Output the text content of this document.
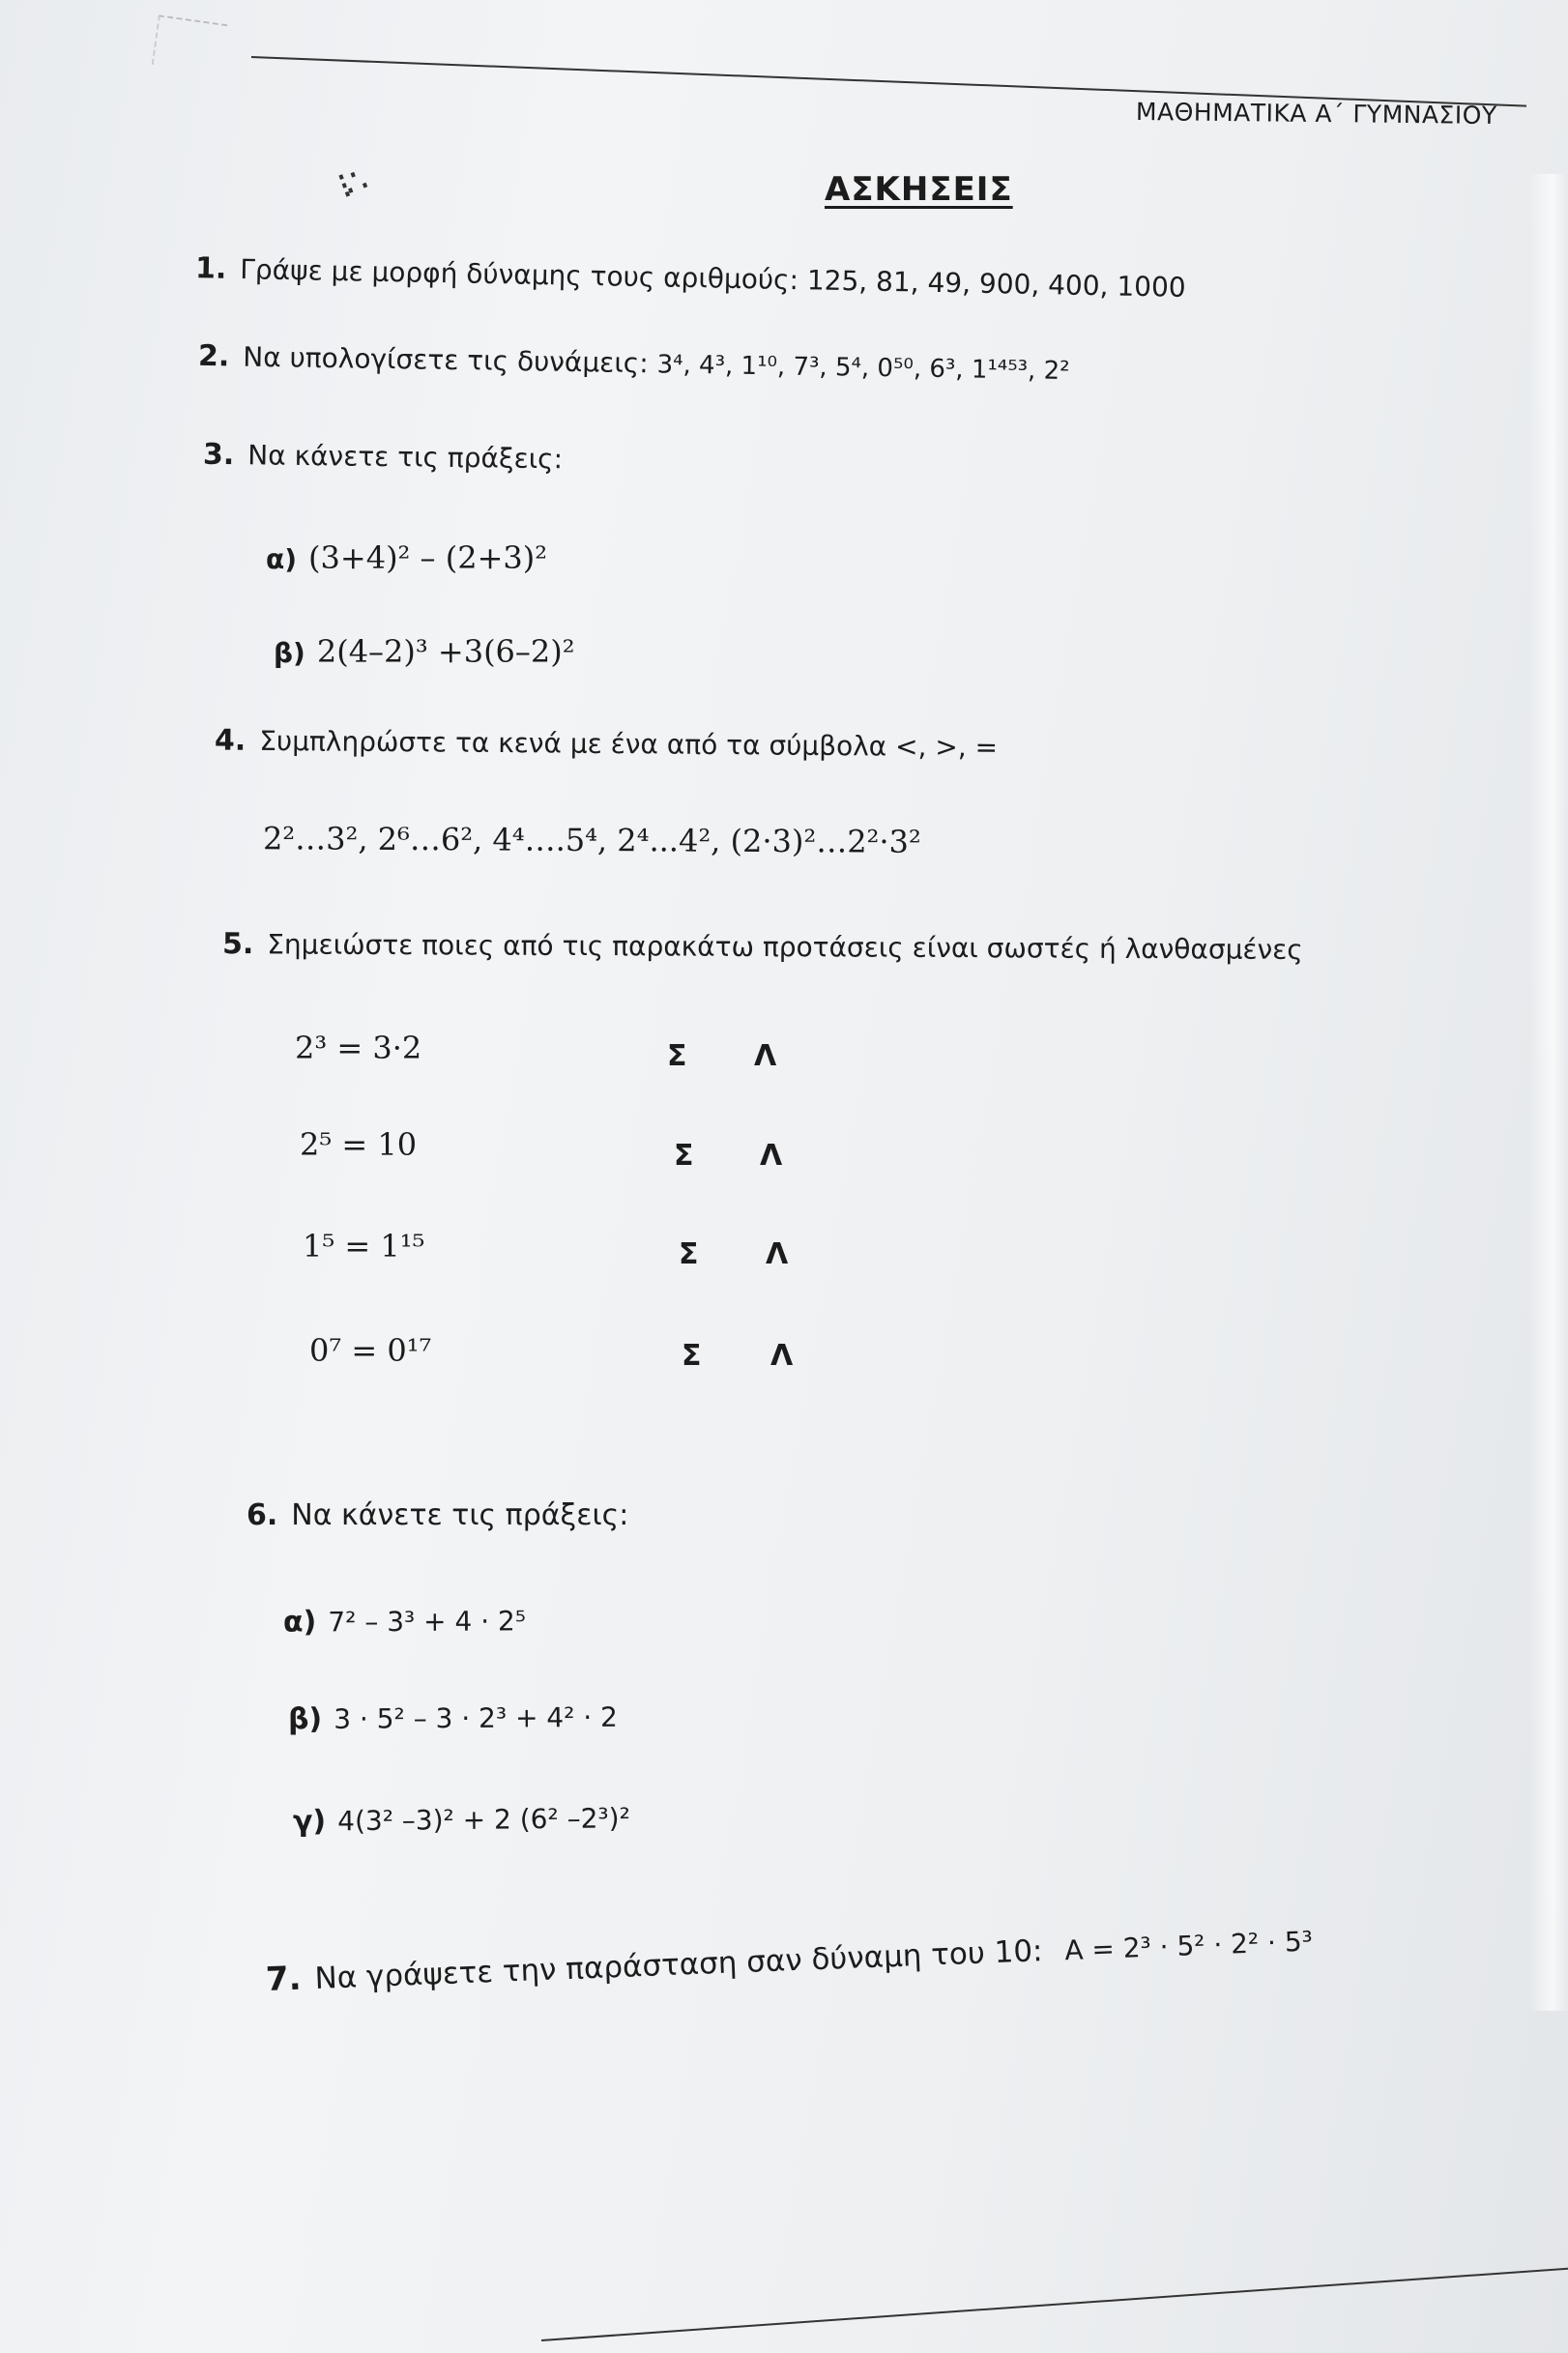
⁝∴
ΜΑΘΗΜΑΤΙΚΑ Α΄ ΓΥΜΝΑΣΙΟΥ
ΑΣΚΗΣΕΙΣ
1. Γράψε με μορφή δύναμης τους αριθμούς: 125, 81, 49, 900, 400, 1000
2. Να υπολογίσετε τις δυνάμεις: 3⁴, 4³, 1¹⁰, 7³, 5⁴, 0⁵⁰, 6³, 1¹⁴⁵³, 2²
3. Να κάνετε τις πράξεις:
α) (3+4)² – (2+3)²
β) 2(4–2)³ +3(6–2)²
4. Συμπληρώστε τα κενά με ένα από τα σύμβολα <, >, =
2²…3², 2⁶…6², 4⁴….5⁴, 2⁴...4², (2·3)²…2²·3²
5. Σημειώστε ποιες από τις παρακάτω προτάσεις είναι σωστές ή λανθασμένες
2³ = 3·2	Σ Λ
2⁵ = 10	Σ Λ
1⁵ = 1¹⁵	Σ Λ
0⁷ = 0¹⁷	Σ Λ
6. Να κάνετε τις πράξεις:
α) 7² – 3³ + 4 · 2⁵
β) 3 · 5² – 3 · 2³ + 4² · 2
γ) 4(3² –3)² + 2 (6² –2³)²
7. Να γράψετε την παράσταση σαν δύναμη του 10: A = 2³ · 5² · 2² · 5³
